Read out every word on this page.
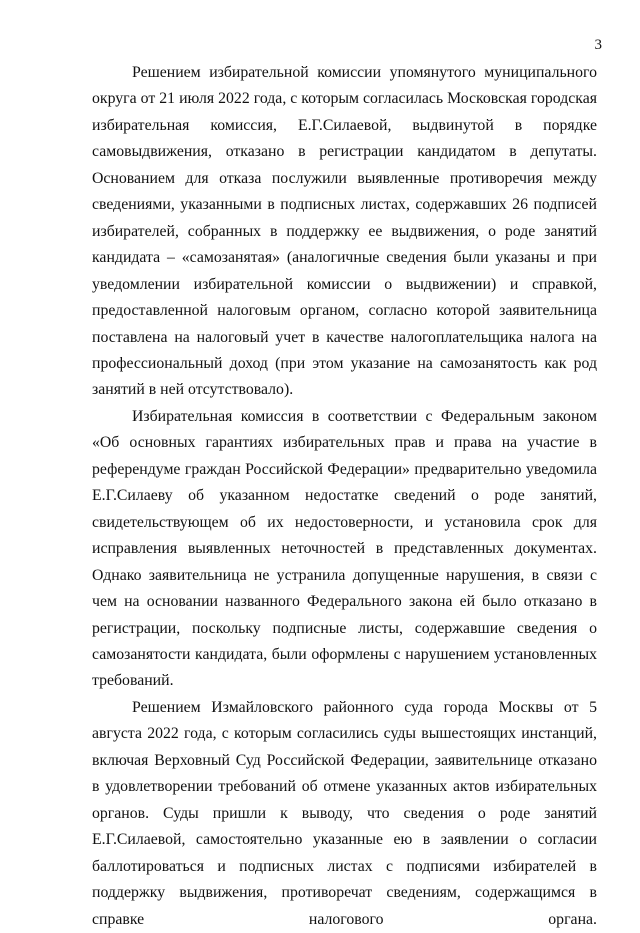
3

Решением избирательной комиссии упомянутого муниципального округа от 21 июля 2022 года, с которым согласилась Московская городская избирательная комиссия, Е.Г.Силаевой, выдвинутой в порядке самовыдвижения, отказано в регистрации кандидатом в депутаты. Основанием для отказа послужили выявленные противоречия между сведениями, указанными в подписных листах, содержавших 26 подписей избирателей, собранных в поддержку ее выдвижения, о роде занятий кандидата – «самозанятая» (аналогичные сведения были указаны и при уведомлении избирательной комиссии о выдвижении) и справкой, предоставленной налоговым органом, согласно которой заявительница поставлена на налоговый учет в качестве налогоплательщика налога на профессиональный доход (при этом указание на самозанятость как род занятий в ней отсутствовало).

Избирательная комиссия в соответствии с Федеральным законом «Об основных гарантиях избирательных прав и права на участие в референдуме граждан Российской Федерации» предварительно уведомила Е.Г.Силаеву об указанном недостатке сведений о роде занятий, свидетельствующем об их недостоверности, и установила срок для исправления выявленных неточностей в представленных документах. Однако заявительница не устранила допущенные нарушения, в связи с чем на основании названного Федерального закона ей было отказано в регистрации, поскольку подписные листы, содержавшие сведения о самозанятости кандидата, были оформлены с нарушением установленных требований.

Решением Измайловского районного суда города Москвы от 5 августа 2022 года, с которым согласились суды вышестоящих инстанций, включая Верховный Суд Российской Федерации, заявительнице отказано в удовлетворении требований об отмене указанных актов избирательных органов. Суды пришли к выводу, что сведения о роде занятий Е.Г.Силаевой, самостоятельно указанные ею в заявлении о согласии баллотироваться и подписных листах с подписями избирателей в поддержку выдвижения, противоречат сведениям, содержащимся в справке налогового органа.
